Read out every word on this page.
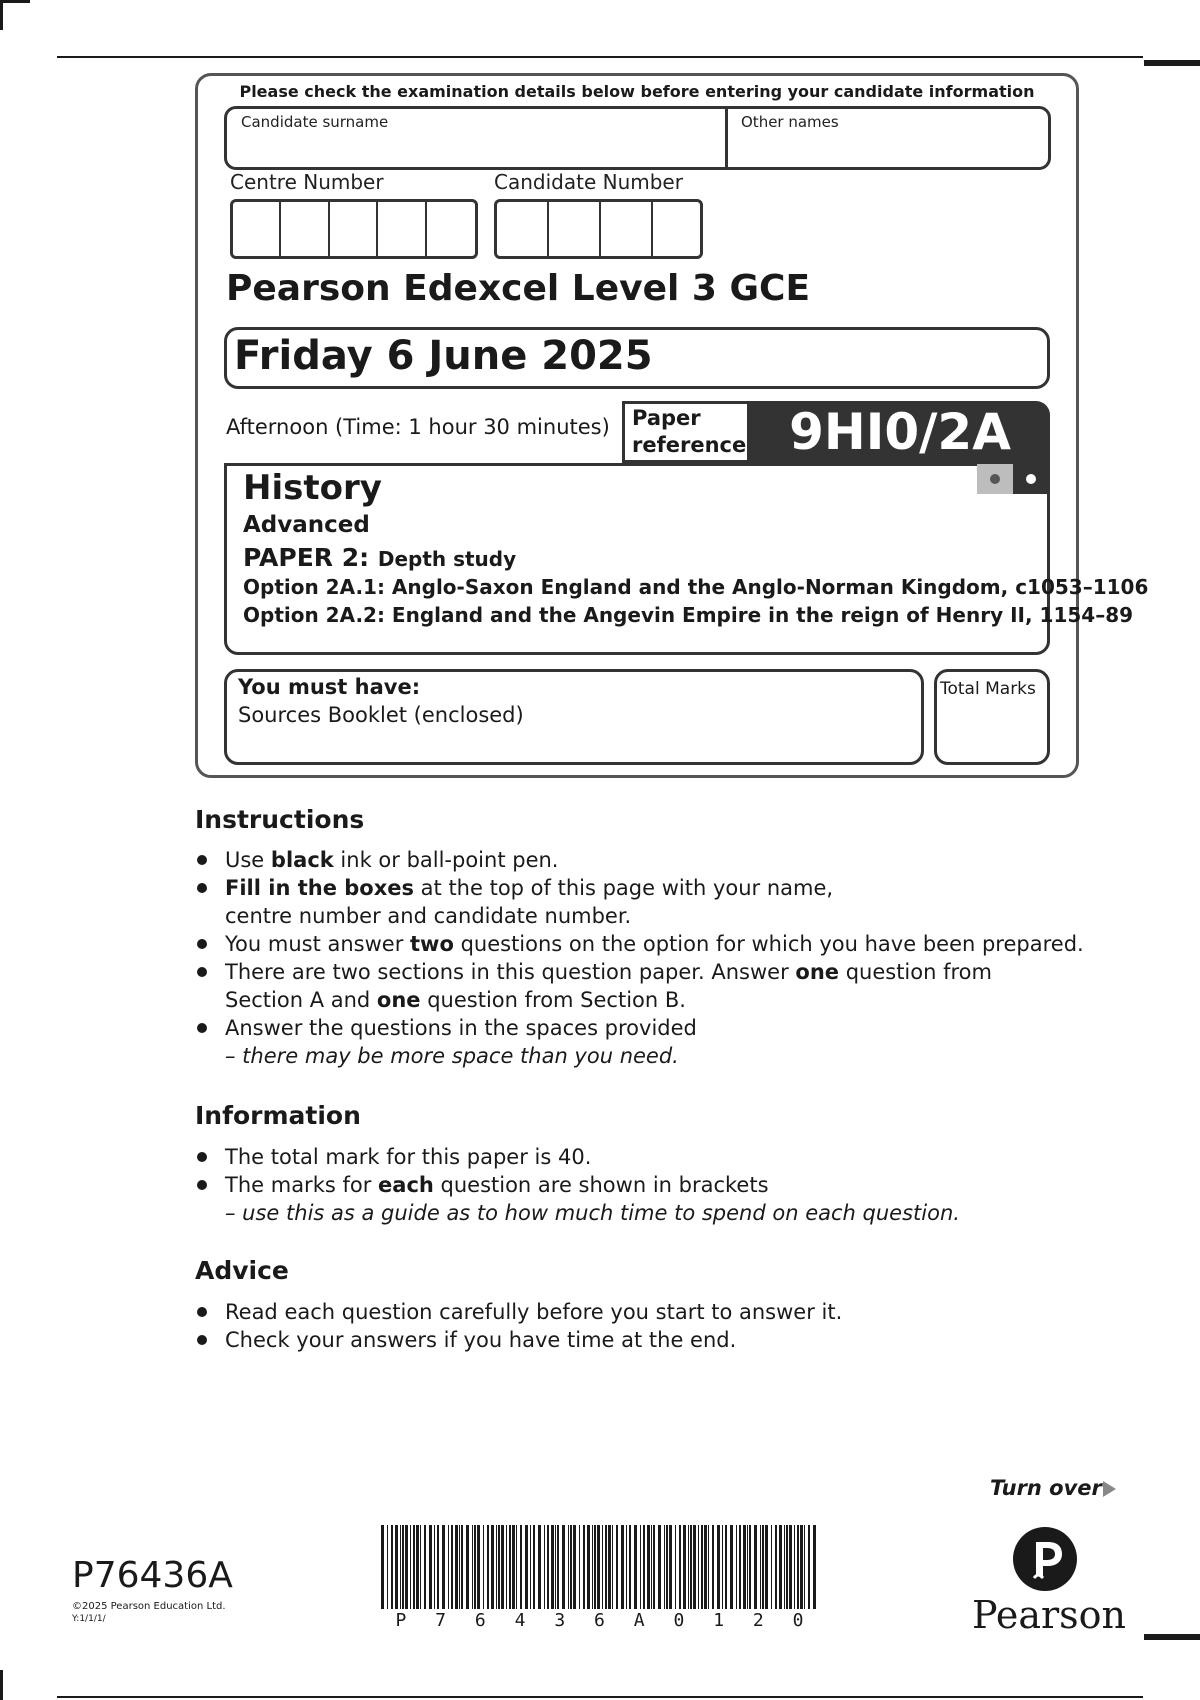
Please check the examination details below before entering your candidate information
Candidate surname	Other names
Centre Number	Candidate Number
Pearson Edexcel Level 3 GCE
Friday 6 June 2025
Afternoon (Time: 1 hour 30 minutes) Paper
reference 9HI0/2A
History
Advanced
PAPER 2: Depth study
Option 2A.1: Anglo-Saxon England and the Anglo-Norman Kingdom, c1053–1106
Option 2A.2: England and the Angevin Empire in the reign of Henry II, 1154–89
You must have:
Sources Booklet (enclosed)
Total Marks
Instructions
Use black ink or ball-point pen.
Fill in the boxes at the top of this page with your name,
centre number and candidate number.
You must answer two questions on the option for which you have been prepared.
There are two sections in this question paper. Answer one question from
Section A and one question from Section B.
Answer the questions in the spaces provided
– there may be more space than you need.
Information
The total mark for this paper is 40.
The marks for each question are shown in brackets
– use this as a guide as to how much time to spend on each question.
Advice
Read each question carefully before you start to answer it.
Check your answers if you have time at the end.
Turn over
P76436A
©2025 Pearson Education Ltd.
Y:1/1/1/	P 7 6 4 3 6 A 0 1 2 0	Pearson
